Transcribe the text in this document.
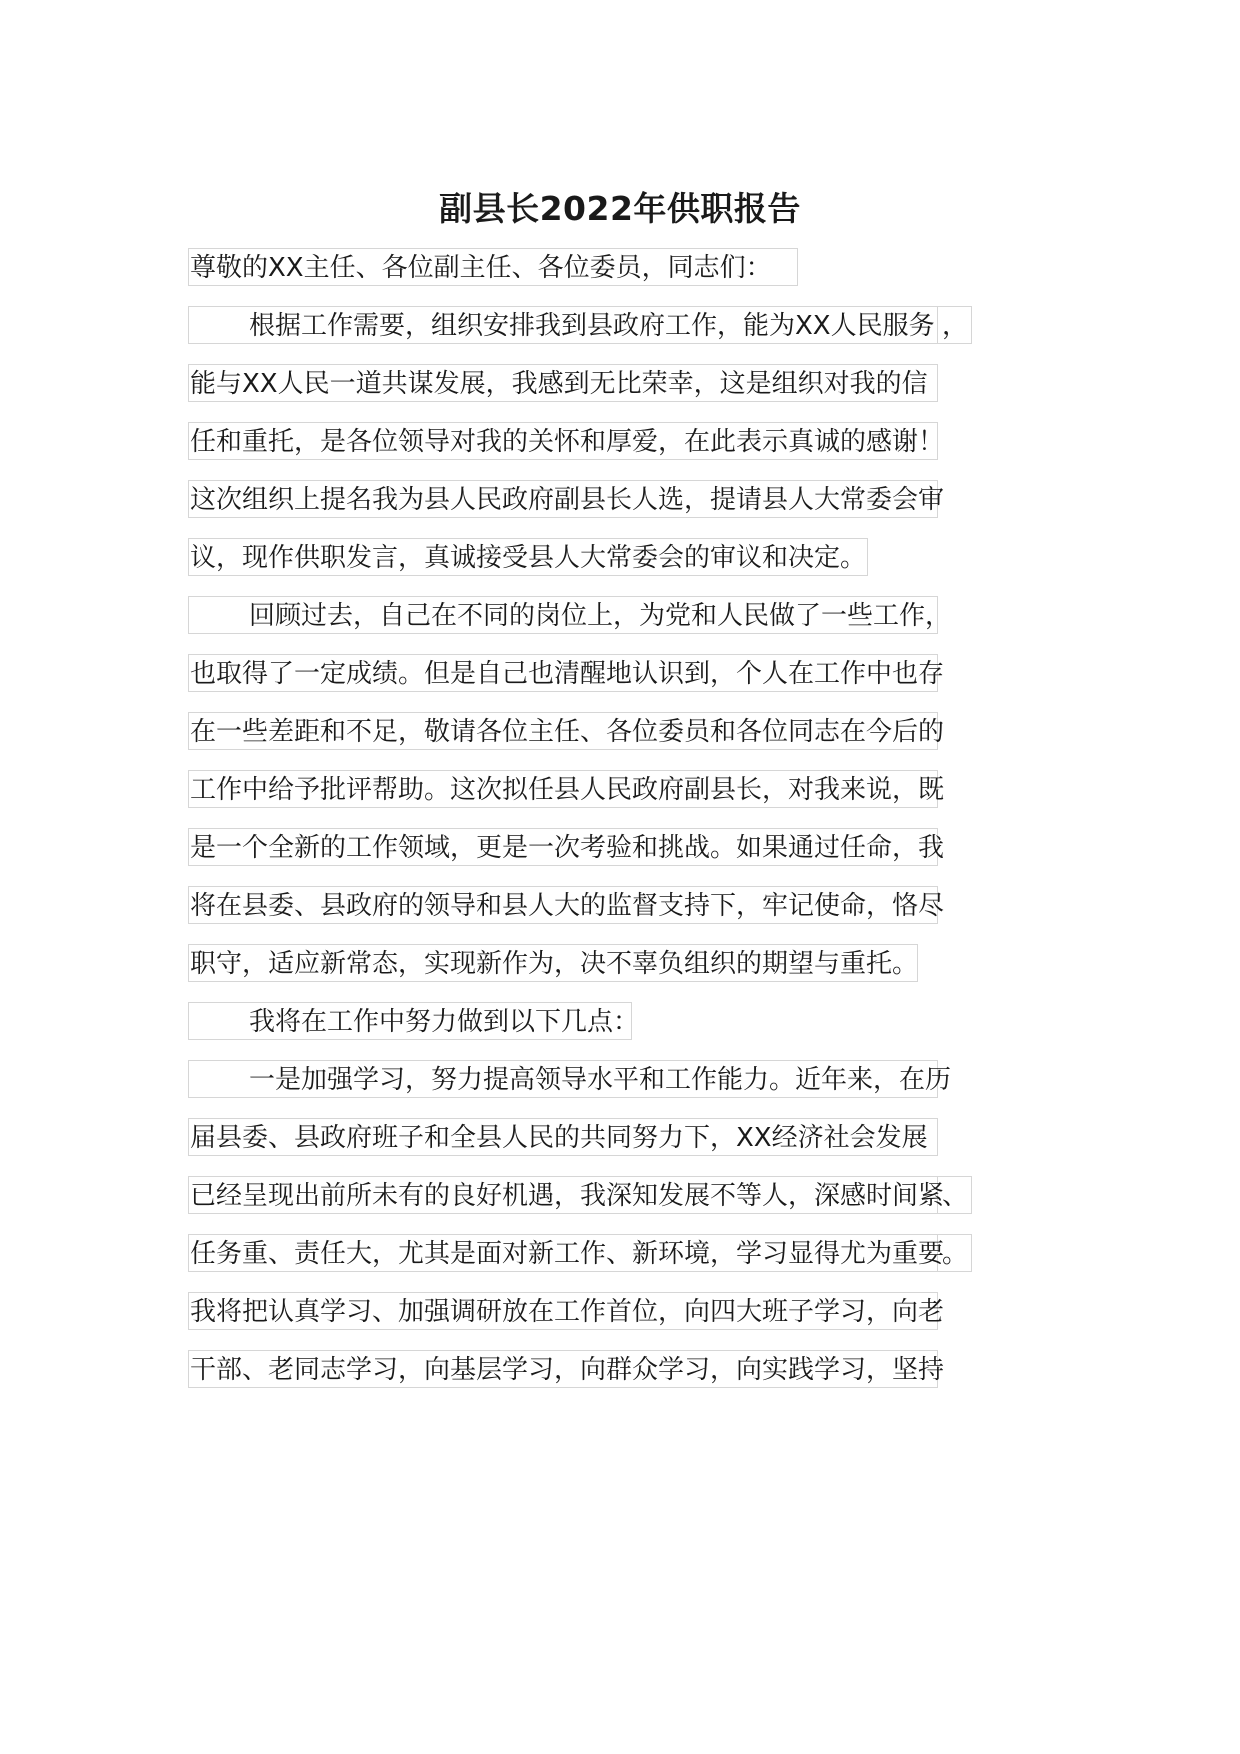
副县长2022年供职报告
尊敬的XX主任、各位副主任、各位委员，同志们：
根据工作需要，组织安排我到县政府工作，能为XX人民服务 ，
能与XX人民一道共谋发展，我感到无比荣幸，这是组织对我的信
任和重托，是各位领导对我的关怀和厚爱，在此表示真诚的感谢！
这次组织上提名我为县人民政府副县长人选，提请县人大常委会审
议，现作供职发言，真诚接受县人大常委会的审议和决定。
回顾过去，自己在不同的岗位上，为党和人民做了一些工作，
也取得了一定成绩。但是自己也清醒地认识到，个人在工作中也存
在一些差距和不足，敬请各位主任、各位委员和各位同志在今后的
工作中给予批评帮助。这次拟任县人民政府副县长，对我来说，既
是一个全新的工作领域，更是一次考验和挑战。如果通过任命，我
将在县委、县政府的领导和县人大的监督支持下，牢记使命，恪尽
职守，适应新常态，实现新作为，决不辜负组织的期望与重托。
我将在工作中努力做到以下几点：
一是加强学习，努力提高领导水平和工作能力。近年来，在历
届县委、县政府班子和全县人民的共同努力下，XX经济社会发展
已经呈现出前所未有的良好机遇，我深知发展不等人，深感时间紧
、
任务重、责任大，尤其是面对新工作、新环境，学习显得尤为重要
。
我将把认真学习、加强调研放在工作首位，向四大班子学习，向老
干部、老同志学习，向基层学习，向群众学习，向实践学习，坚持
